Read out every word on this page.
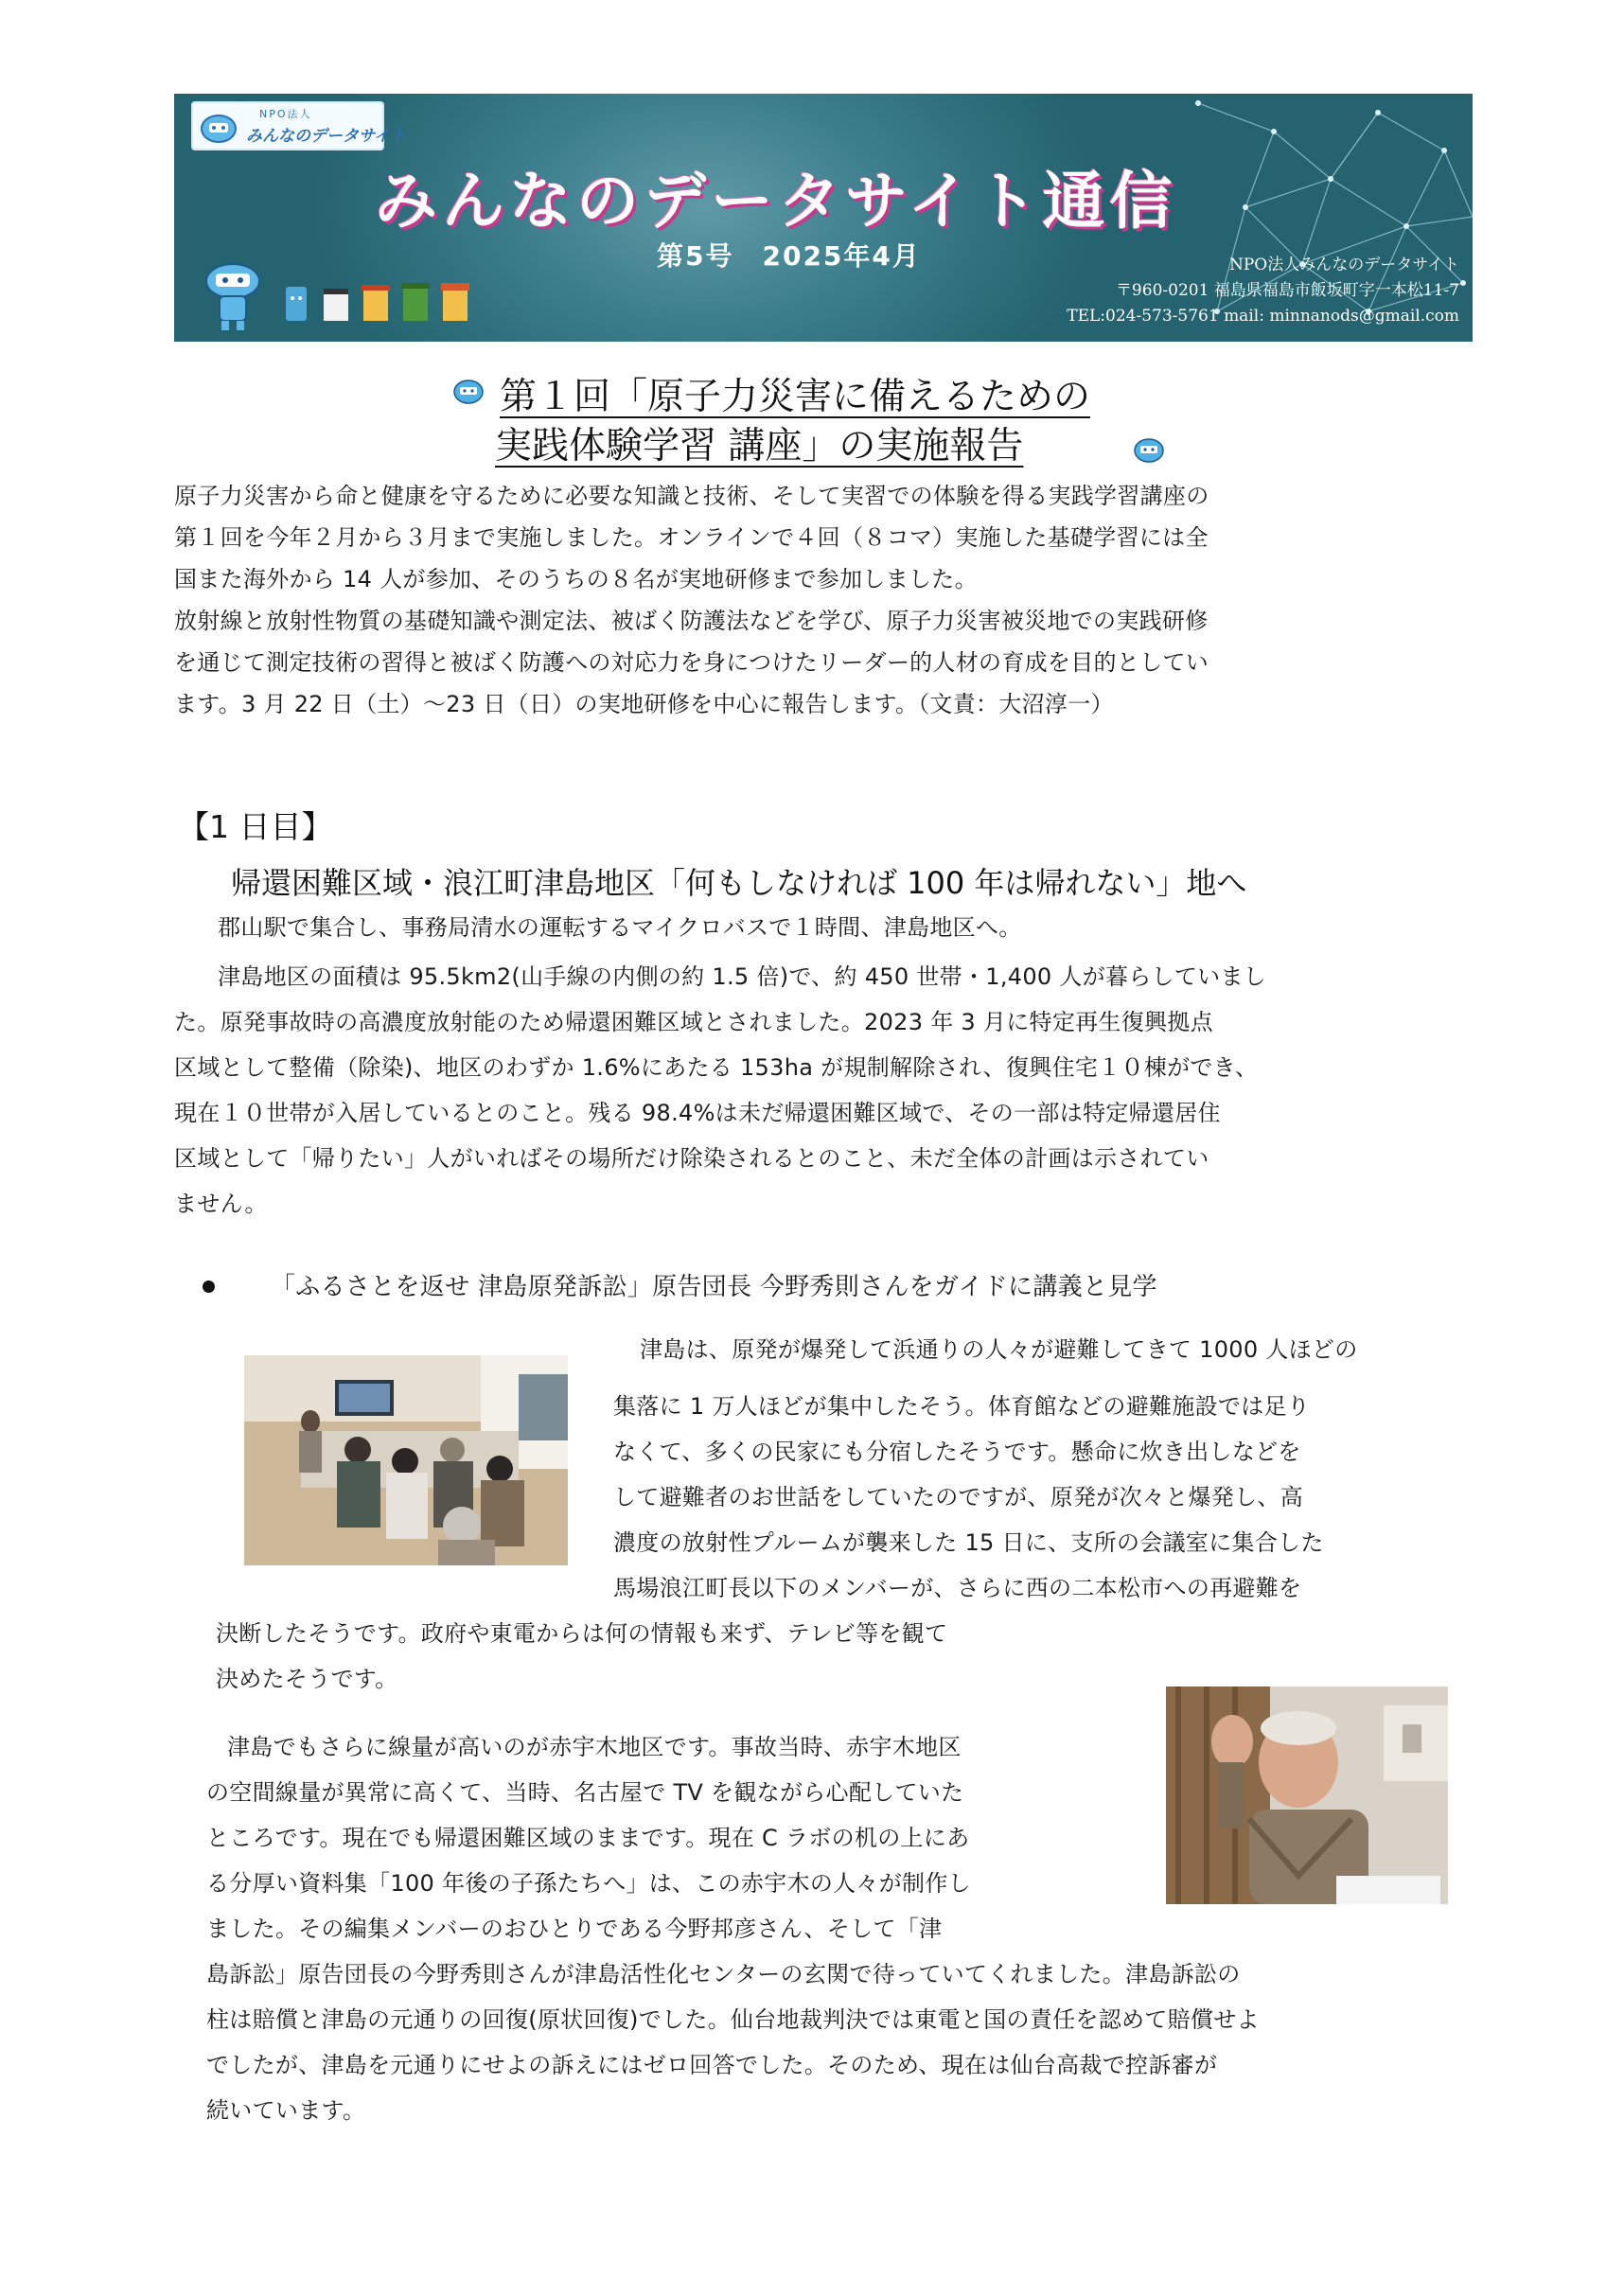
NPO法人
みんなのデータサイト
みんなのデータサイト通信
第5号　2025年4月	NPO法人みんなのデータサイト
〒960-0201 福島県福島市飯坂町字一本松11-7
TEL:024-573-5761 mail: minnanods@gmail.com
第１回「原子力災害に備えるための
実践体験学習 講座」の実施報告
原子力災害から命と健康を守るために必要な知識と技術、そして実習での体験を得る実践学習講座の
第１回を今年２月から３月まで実施しました。オンラインで４回（８コマ）実施した基礎学習には全
国また海外から 14 人が参加、そのうちの８名が実地研修まで参加しました。
放射線と放射性物質の基礎知識や測定法、被ばく防護法などを学び、原子力災害被災地での実践研修
を通じて測定技術の習得と被ばく防護への対応力を身につけたリーダー的人材の育成を目的としてい
ます。3 月 22 日（土）～23 日（日）の実地研修を中心に報告します。（文責：大沼淳一）
【1 日目】
帰還困難区域・浪江町津島地区「何もしなければ 100 年は帰れない」地へ
郡山駅で集合し、事務局清水の運転するマイクロバスで１時間、津島地区へ。
津島地区の面積は 95.5km2(山手線の内側の約 1.5 倍)で、約 450 世帯・1,400 人が暮らしていまし
た。原発事故時の高濃度放射能のため帰還困難区域とされました。2023 年 3 月に特定再生復興拠点
区域として整備（除染)、地区のわずか 1.6%にあたる 153ha が規制解除され、復興住宅１０棟ができ、
現在１０世帯が入居しているとのこと。残る 98.4%は未だ帰還困難区域で、その一部は特定帰還居住
区域として「帰りたい」人がいればその場所だけ除染されるとのこと、未だ全体の計画は示されてい
ません。
「ふるさとを返せ 津島原発訴訟」原告団長 今野秀則さんをガイドに講義と見学
津島は、原発が爆発して浜通りの人々が避難してきて 1000 人ほどの
集落に 1 万人ほどが集中したそう。体育館などの避難施設では足り
なくて、多くの民家にも分宿したそうです。懸命に炊き出しなどを
して避難者のお世話をしていたのですが、原発が次々と爆発し、高
濃度の放射性プルームが襲来した 15 日に、支所の会議室に集合した
馬場浪江町長以下のメンバーが、さらに西の二本松市への再避難を
決断したそうです。政府や東電からは何の情報も来ず、テレビ等を観て
決めたそうです。
津島でもさらに線量が高いのが赤宇木地区です。事故当時、赤宇木地区
の空間線量が異常に高くて、当時、名古屋で TV を観ながら心配していた
ところです。現在でも帰還困難区域のままです。現在 C ラボの机の上にあ
る分厚い資料集「100 年後の子孫たちへ」は、この赤宇木の人々が制作し
ました。その編集メンバーのおひとりである今野邦彦さん、そして「津
島訴訟」原告団長の今野秀則さんが津島活性化センターの玄関で待っていてくれました。津島訴訟の
柱は賠償と津島の元通りの回復(原状回復)でした。仙台地裁判決では東電と国の責任を認めて賠償せよ
でしたが、津島を元通りにせよの訴えにはゼロ回答でした。そのため、現在は仙台高裁で控訴審が
続いています。
